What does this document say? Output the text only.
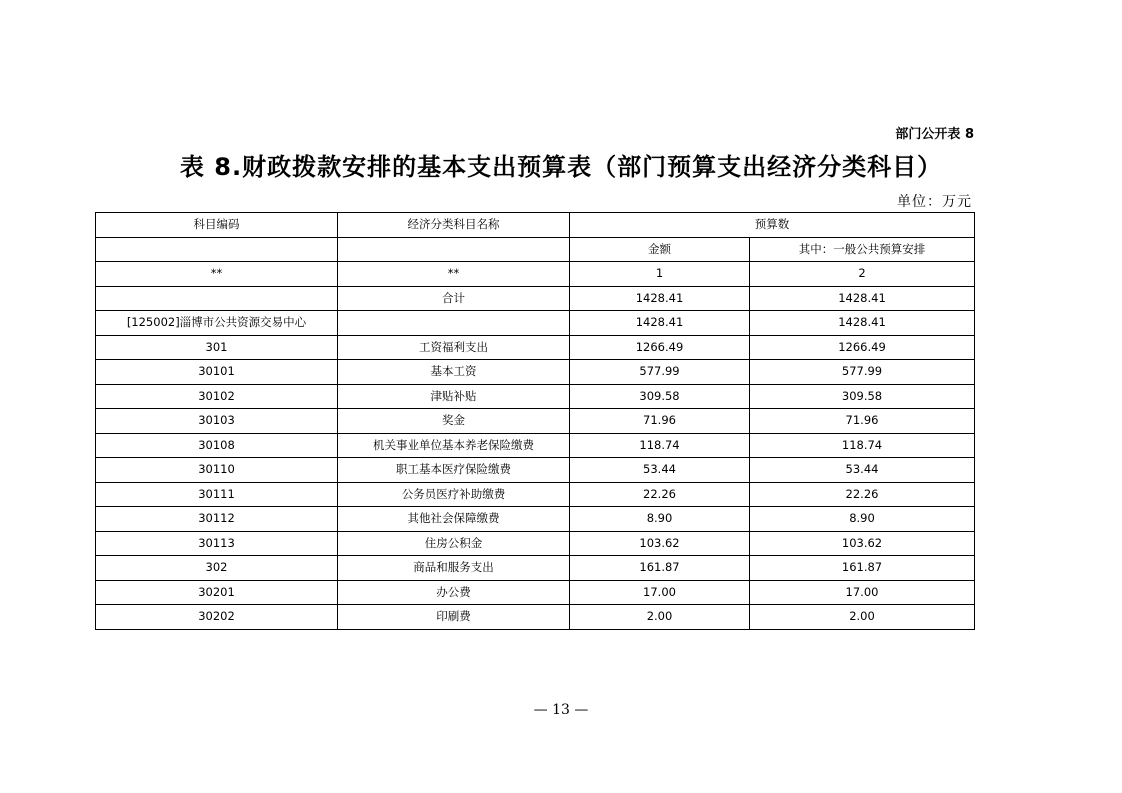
部门公开表 8
表 8.财政拨款安排的基本支出预算表（部门预算支出经济分类科目）
单位：万元
科目编码	经济分类科目名称	预算数	
		金额	其中：一般公共预算安排
**	**	1	2
	合计	1428.41	1428.41
[125002]淄博市公共资源交易中心		1428.41	1428.41
301	工资福利支出	1266.49	1266.49
30101	基本工资	577.99	577.99
30102	津贴补贴	309.58	309.58
30103	奖金	71.96	71.96
30108	机关事业单位基本养老保险缴费	118.74	118.74
30110	职工基本医疗保险缴费	53.44	53.44
30111	公务员医疗补助缴费	22.26	22.26
30112	其他社会保障缴费	8.90	8.90
30113	住房公积金	103.62	103.62
302	商品和服务支出	161.87	161.87
30201	办公费	17.00	17.00
30202	印刷费	2.00	2.00
— 13 —
